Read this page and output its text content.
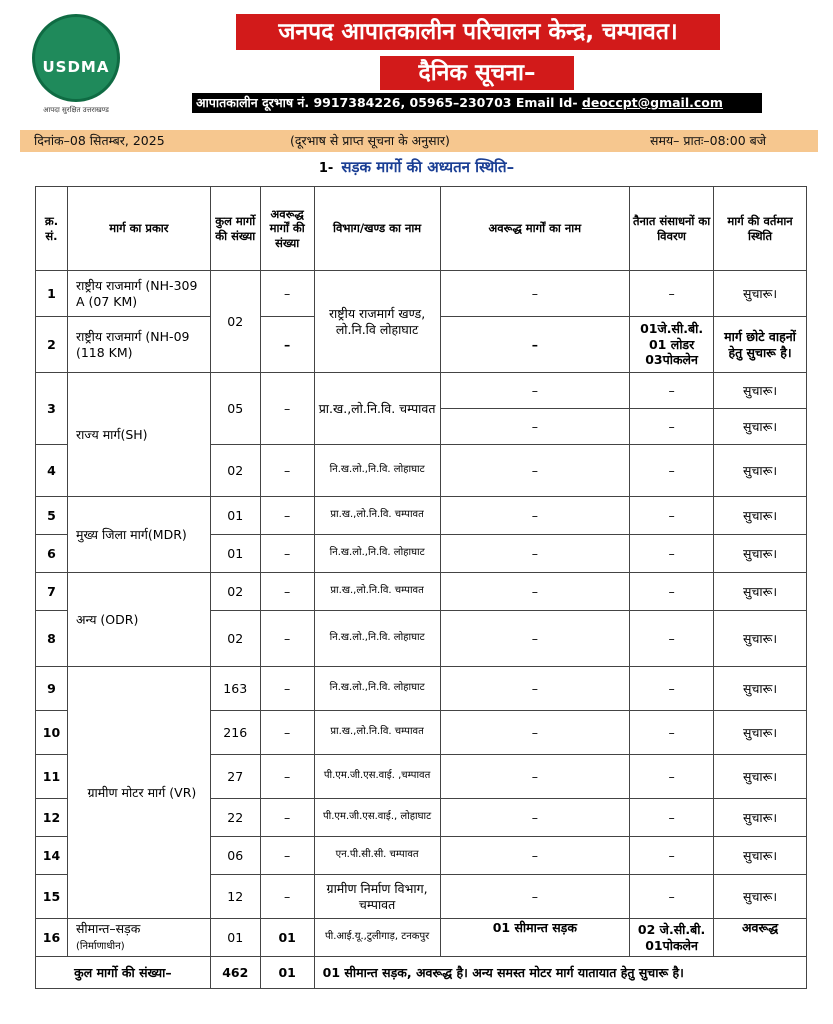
USDMA
आपदा सुरक्षित उत्तराखण्ड
जनपद आपातकालीन परिचालन केन्द्र, चम्पावत।
दैनिक सूचना–
आपातकालीन दूरभाष नं. 9917384226, 05965–230703 Email Id- deoccpt@gmail.com
दिनांक–08 सितम्बर, 2025	(दूरभाष से प्राप्त सूचना के अनुसार)	समय– प्रातः–08:00 बजे
1- सड़क मार्गो की अध्यतन स्थिति–
क्र. सं.	मार्ग का प्रकार	कुल मार्गो की संख्या	अवरूद्ध मार्गों की संख्या	विभाग/खण्ड का नाम	अवरूद्ध मार्गों का नाम	तैनात संसाधनों का विवरण	मार्ग की वर्तमान स्थिति
1	राष्ट्रीय राजमार्ग (NH-309 A (07 KM)	02	–	राष्ट्रीय राजमार्ग खण्ड, लो.नि.वि लोहाघाट	–	–	सुचारू।
2	राष्ट्रीय राजमार्ग (NH-09 (118 KM)		–		–	01जे.सी.बी. 01 लोडर 03पोकलेन	मार्ग छोटे वाहनों हेतु सुचारू है।
3	राज्य मार्ग(SH)	05	–	प्रा.ख.,लो.नि.वि. चम्पावत	–	–	सुचारू।
					–	–	सुचारू।
4		02	–	नि.ख.लो.,नि.वि. लोहाघाट	–	–	सुचारू।
5	मुख्य जिला मार्ग(MDR)	01	–	प्रा.ख.,लो.नि.वि. चम्पावत	–	–	सुचारू।
6		01	–	नि.ख.लो.,नि.वि. लोहाघाट	–	–	सुचारू।
7	अन्य (ODR)	02	–	प्रा.ख.,लो.नि.वि. चम्पावत	–	–	सुचारू।
8		02	–	नि.ख.लो.,नि.वि. लोहाघाट	–	–	सुचारू।
9	ग्रामीण मोटर मार्ग (VR)	163	–	नि.ख.लो.,नि.वि. लोहाघाट	–	–	सुचारू।
10		216	–	प्रा.ख.,लो.नि.वि. चम्पावत	–	–	सुचारू।
11		27	–	पी.एम.जी.एस.वाई. ,चम्पावत	–	–	सुचारू।
12		22	–	पी.एम.जी.एस.वाई., लोहाघाट	–	–	सुचारू।
14		06	–	एन.पी.सी.सी. चम्पावत	–	–	सुचारू।
15		12	–	ग्रामीण निर्माण विभाग, चम्पावत	–	–	सुचारू।
16	सीमान्त–सड़क
(निर्माणाधीन)	01	01	पी.आई.यू.,टुलीगाड़, टनकपुर	01 सीमान्त सड़क	02 जे.सी.बी. 01पोकलेन	अवरूद्ध
कुल मार्गो की संख्या–		462	01	01 सीमान्त सड़क, अवरूद्ध है। अन्य समस्त मोटर मार्ग यातायात हेतु सुचारू है।			
